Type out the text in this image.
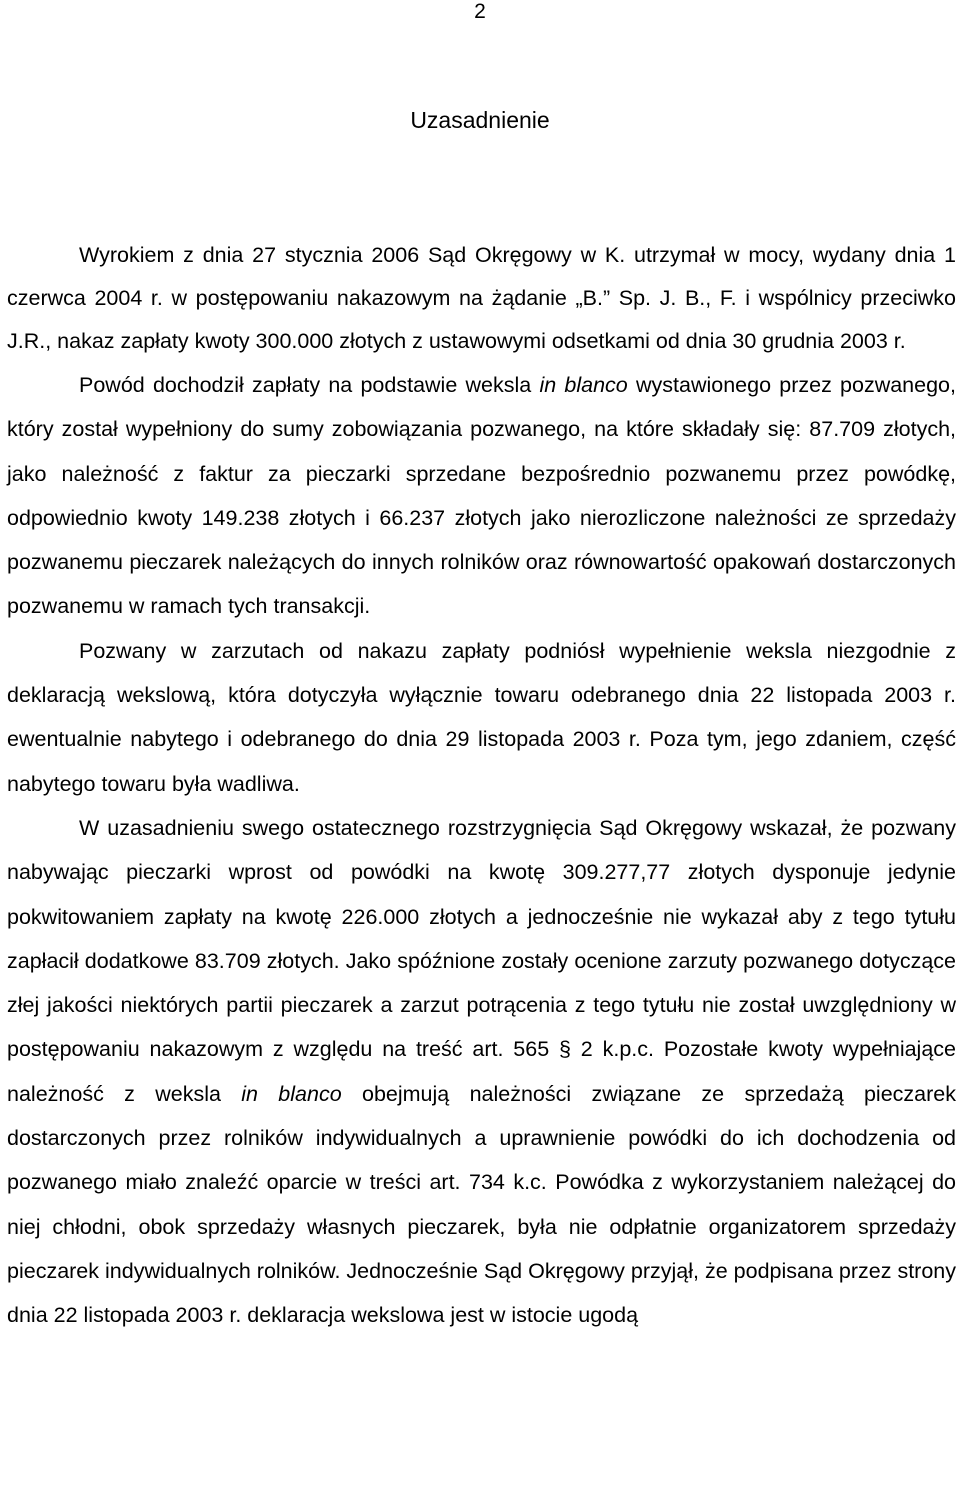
2
Uzasadnienie

Wyrokiem z dnia 27 stycznia 2006 Sąd Okręgowy w K. utrzymał w mocy, wydany dnia 1 czerwca 2004 r. w postępowaniu nakazowym na żądanie „B.” Sp. J. B., F. i wspólnicy przeciwko J.R., nakaz zapłaty kwoty 300.000 złotych z ustawowymi odsetkami od dnia 30 grudnia 2003 r.

Powód dochodził zapłaty na podstawie weksla in blanco wystawionego przez pozwanego, który został wypełniony do sumy zobowiązania pozwanego, na które składały się: 87.709 złotych, jako należność z faktur za pieczarki sprzedane bezpośrednio pozwanemu przez powódkę, odpowiednio kwoty 149.238 złotych i 66.237 złotych jako nierozliczone należności ze sprzedaży pozwanemu pieczarek należących do innych rolników oraz równowartość opakowań dostarczonych pozwanemu w ramach tych transakcji.

Pozwany w zarzutach od nakazu zapłaty podniósł wypełnienie weksla niezgodnie z deklaracją wekslową, która dotyczyła wyłącznie towaru odebranego dnia 22 listopada 2003 r. ewentualnie nabytego i odebranego do dnia 29 listopada 2003 r. Poza tym, jego zdaniem, część nabytego towaru była wadliwa.

W uzasadnieniu swego ostatecznego rozstrzygnięcia Sąd Okręgowy wskazał, że pozwany nabywając pieczarki wprost od powódki na kwotę 309.277,77 złotych dysponuje jedynie pokwitowaniem zapłaty na kwotę 226.000 złotych a jednocześnie nie wykazał aby z tego tytułu zapłacił dodatkowe 83.709 złotych. Jako spóźnione zostały ocenione zarzuty pozwanego dotyczące złej jakości niektórych partii pieczarek a zarzut potrącenia z tego tytułu nie został uwzględniony w postępowaniu nakazowym z względu na treść art. 565 § 2 k.p.c. Pozostałe kwoty wypełniające należność z weksla in blanco obejmują należności związane ze sprzedażą pieczarek dostarczonych przez rolników indywidualnych a uprawnienie powódki do ich dochodzenia od pozwanego miało znaleźć oparcie w treści art. 734 k.c. Powódka z wykorzystaniem należącej do niej chłodni, obok sprzedaży własnych pieczarek, była nie odpłatnie organizatorem sprzedaży pieczarek indywidualnych rolników. Jednocześnie Sąd Okręgowy przyjął, że podpisana przez strony dnia 22 listopada 2003 r. deklaracja wekslowa jest w istocie ugodą
